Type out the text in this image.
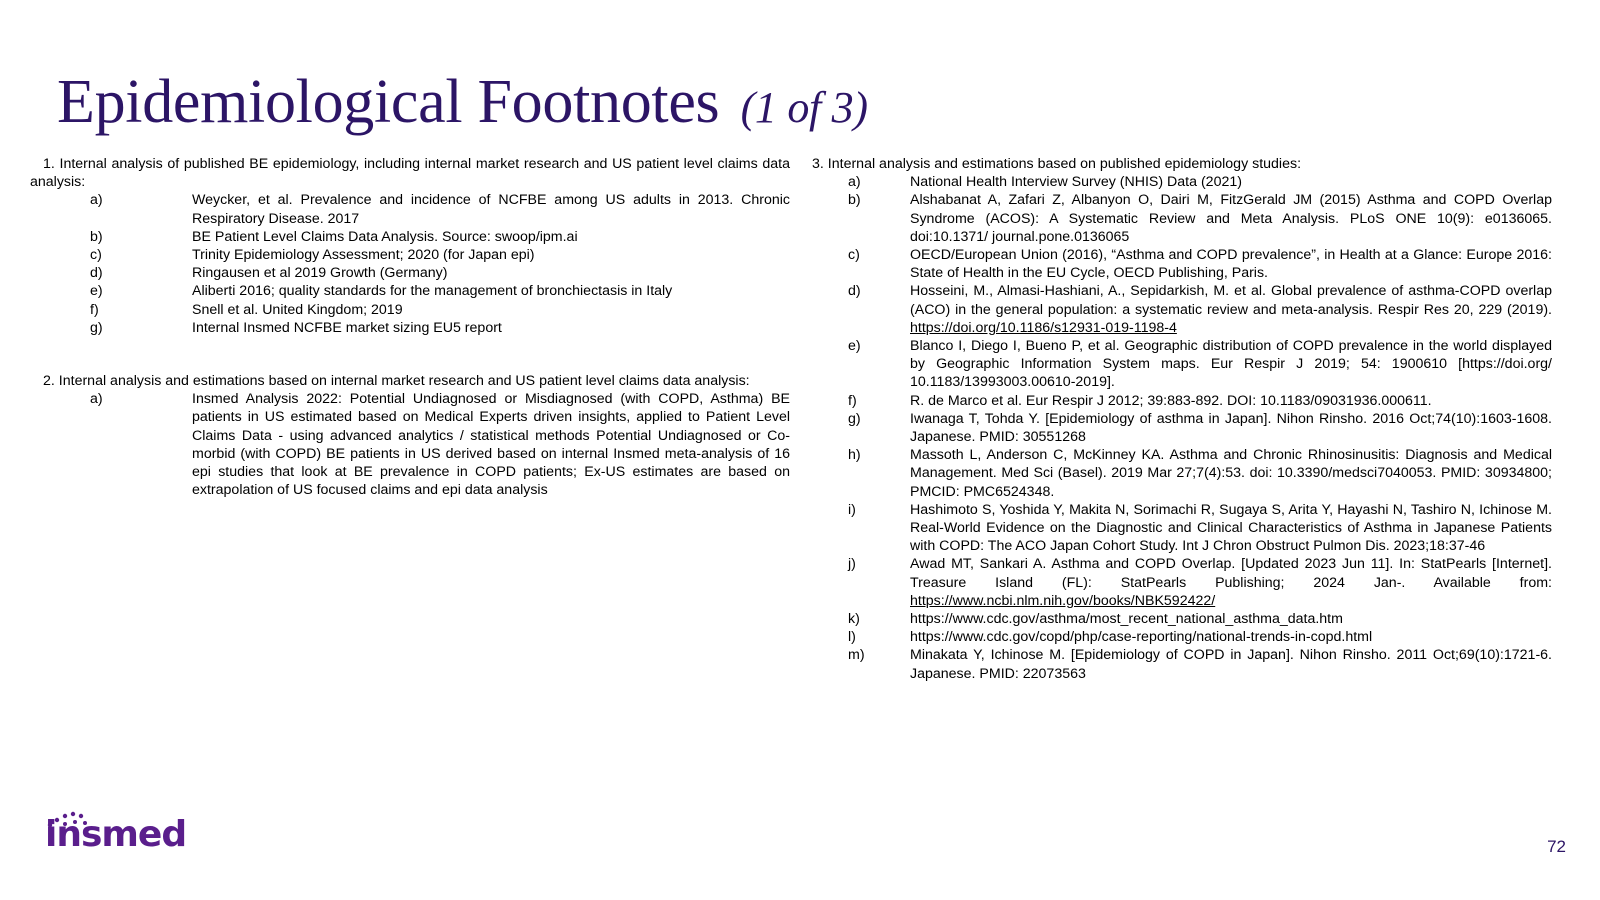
Epidemiological Footnotes (1 of 3)

1. Internal analysis of published BE epidemiology, including internal market research and US patient level claims data analysis:

a)	Weycker, et al. Prevalence and incidence of NCFBE among US adults in 2013. Chronic Respiratory Disease. 2017
b)	BE Patient Level Claims Data Analysis. Source: swoop/ipm.ai
c)	Trinity Epidemiology Assessment; 2020 (for Japan epi)
d)	Ringausen et al 2019 Growth (Germany)
e)	Aliberti 2016; quality standards for the management of bronchiectasis in Italy
f)	Snell et al. United Kingdom; 2019
g)	Internal Insmed NCFBE market sizing EU5 report

2. Internal analysis and estimations based on internal market research and US patient level claims data analysis:

a)	Insmed Analysis 2022: Potential Undiagnosed or Misdiagnosed (with COPD, Asthma) BE patients in US estimated based on Medical Experts driven insights, applied to Patient Level Claims Data - using advanced analytics / statistical methods Potential Undiagnosed or Co-morbid (with COPD) BE patients in US derived based on internal Insmed meta-analysis of 16 epi studies that look at BE prevalence in COPD patients; Ex-US estimates are based on extrapolation of US focused claims and epi data analysis

3. Internal analysis and estimations based on published epidemiology studies:

a)	National Health Interview Survey (NHIS) Data (2021)
b)	Alshabanat A, Zafari Z, Albanyon O, Dairi M, FitzGerald JM (2015) Asthma and COPD Overlap Syndrome (ACOS): A Systematic Review and Meta Analysis. PLoS ONE 10(9): e0136065. doi:10.1371/ journal.pone.0136065
c)	OECD/European Union (2016), “Asthma and COPD prevalence”, in Health at a Glance: Europe 2016: State of Health in the EU Cycle, OECD Publishing, Paris.
d)	Hosseini, M., Almasi-Hashiani, A., Sepidarkish, M. et al. Global prevalence of asthma-COPD overlap (ACO) in the general population: a systematic review and meta-analysis. Respir Res 20, 229 (2019). https://doi.org/10.1186/s12931-019-1198-4
e)	Blanco I, Diego I, Bueno P, et al. Geographic distribution of COPD prevalence in the world displayed by Geographic Information System maps. Eur Respir J 2019; 54: 1900610 [https://doi.org/ 10.1183/13993003.00610-2019].
f)	R. de Marco et al. Eur Respir J 2012; 39:883-892. DOI: 10.1183/09031936.000611.
g)	Iwanaga T, Tohda Y. [Epidemiology of asthma in Japan]. Nihon Rinsho. 2016 Oct;74(10):1603-1608. Japanese. PMID: 30551268
h)	Massoth L, Anderson C, McKinney KA. Asthma and Chronic Rhinosinusitis: Diagnosis and Medical Management. Med Sci (Basel). 2019 Mar 27;7(4):53. doi: 10.3390/medsci7040053. PMID: 30934800; PMCID: PMC6524348.
i)	Hashimoto S, Yoshida Y, Makita N, Sorimachi R, Sugaya S, Arita Y, Hayashi N, Tashiro N, Ichinose M. Real-World Evidence on the Diagnostic and Clinical Characteristics of Asthma in Japanese Patients with COPD: The ACO Japan Cohort Study. Int J Chron Obstruct Pulmon Dis. 2023;18:37-46
j)	Awad MT, Sankari A. Asthma and COPD Overlap. [Updated 2023 Jun 11]. In: StatPearls [Internet]. Treasure Island (FL): StatPearls Publishing; 2024 Jan-. Available from: https://www.ncbi.nlm.nih.gov/books/NBK592422/
k)	https://www.cdc.gov/asthma/most_recent_national_asthma_data.htm
l)	https://www.cdc.gov/copd/php/case-reporting/national-trends-in-copd.html
m)	Minakata Y, Ichinose M. [Epidemiology of COPD in Japan]. Nihon Rinsho. 2011 Oct;69(10):1721-6. Japanese. PMID: 22073563
insmed	72
